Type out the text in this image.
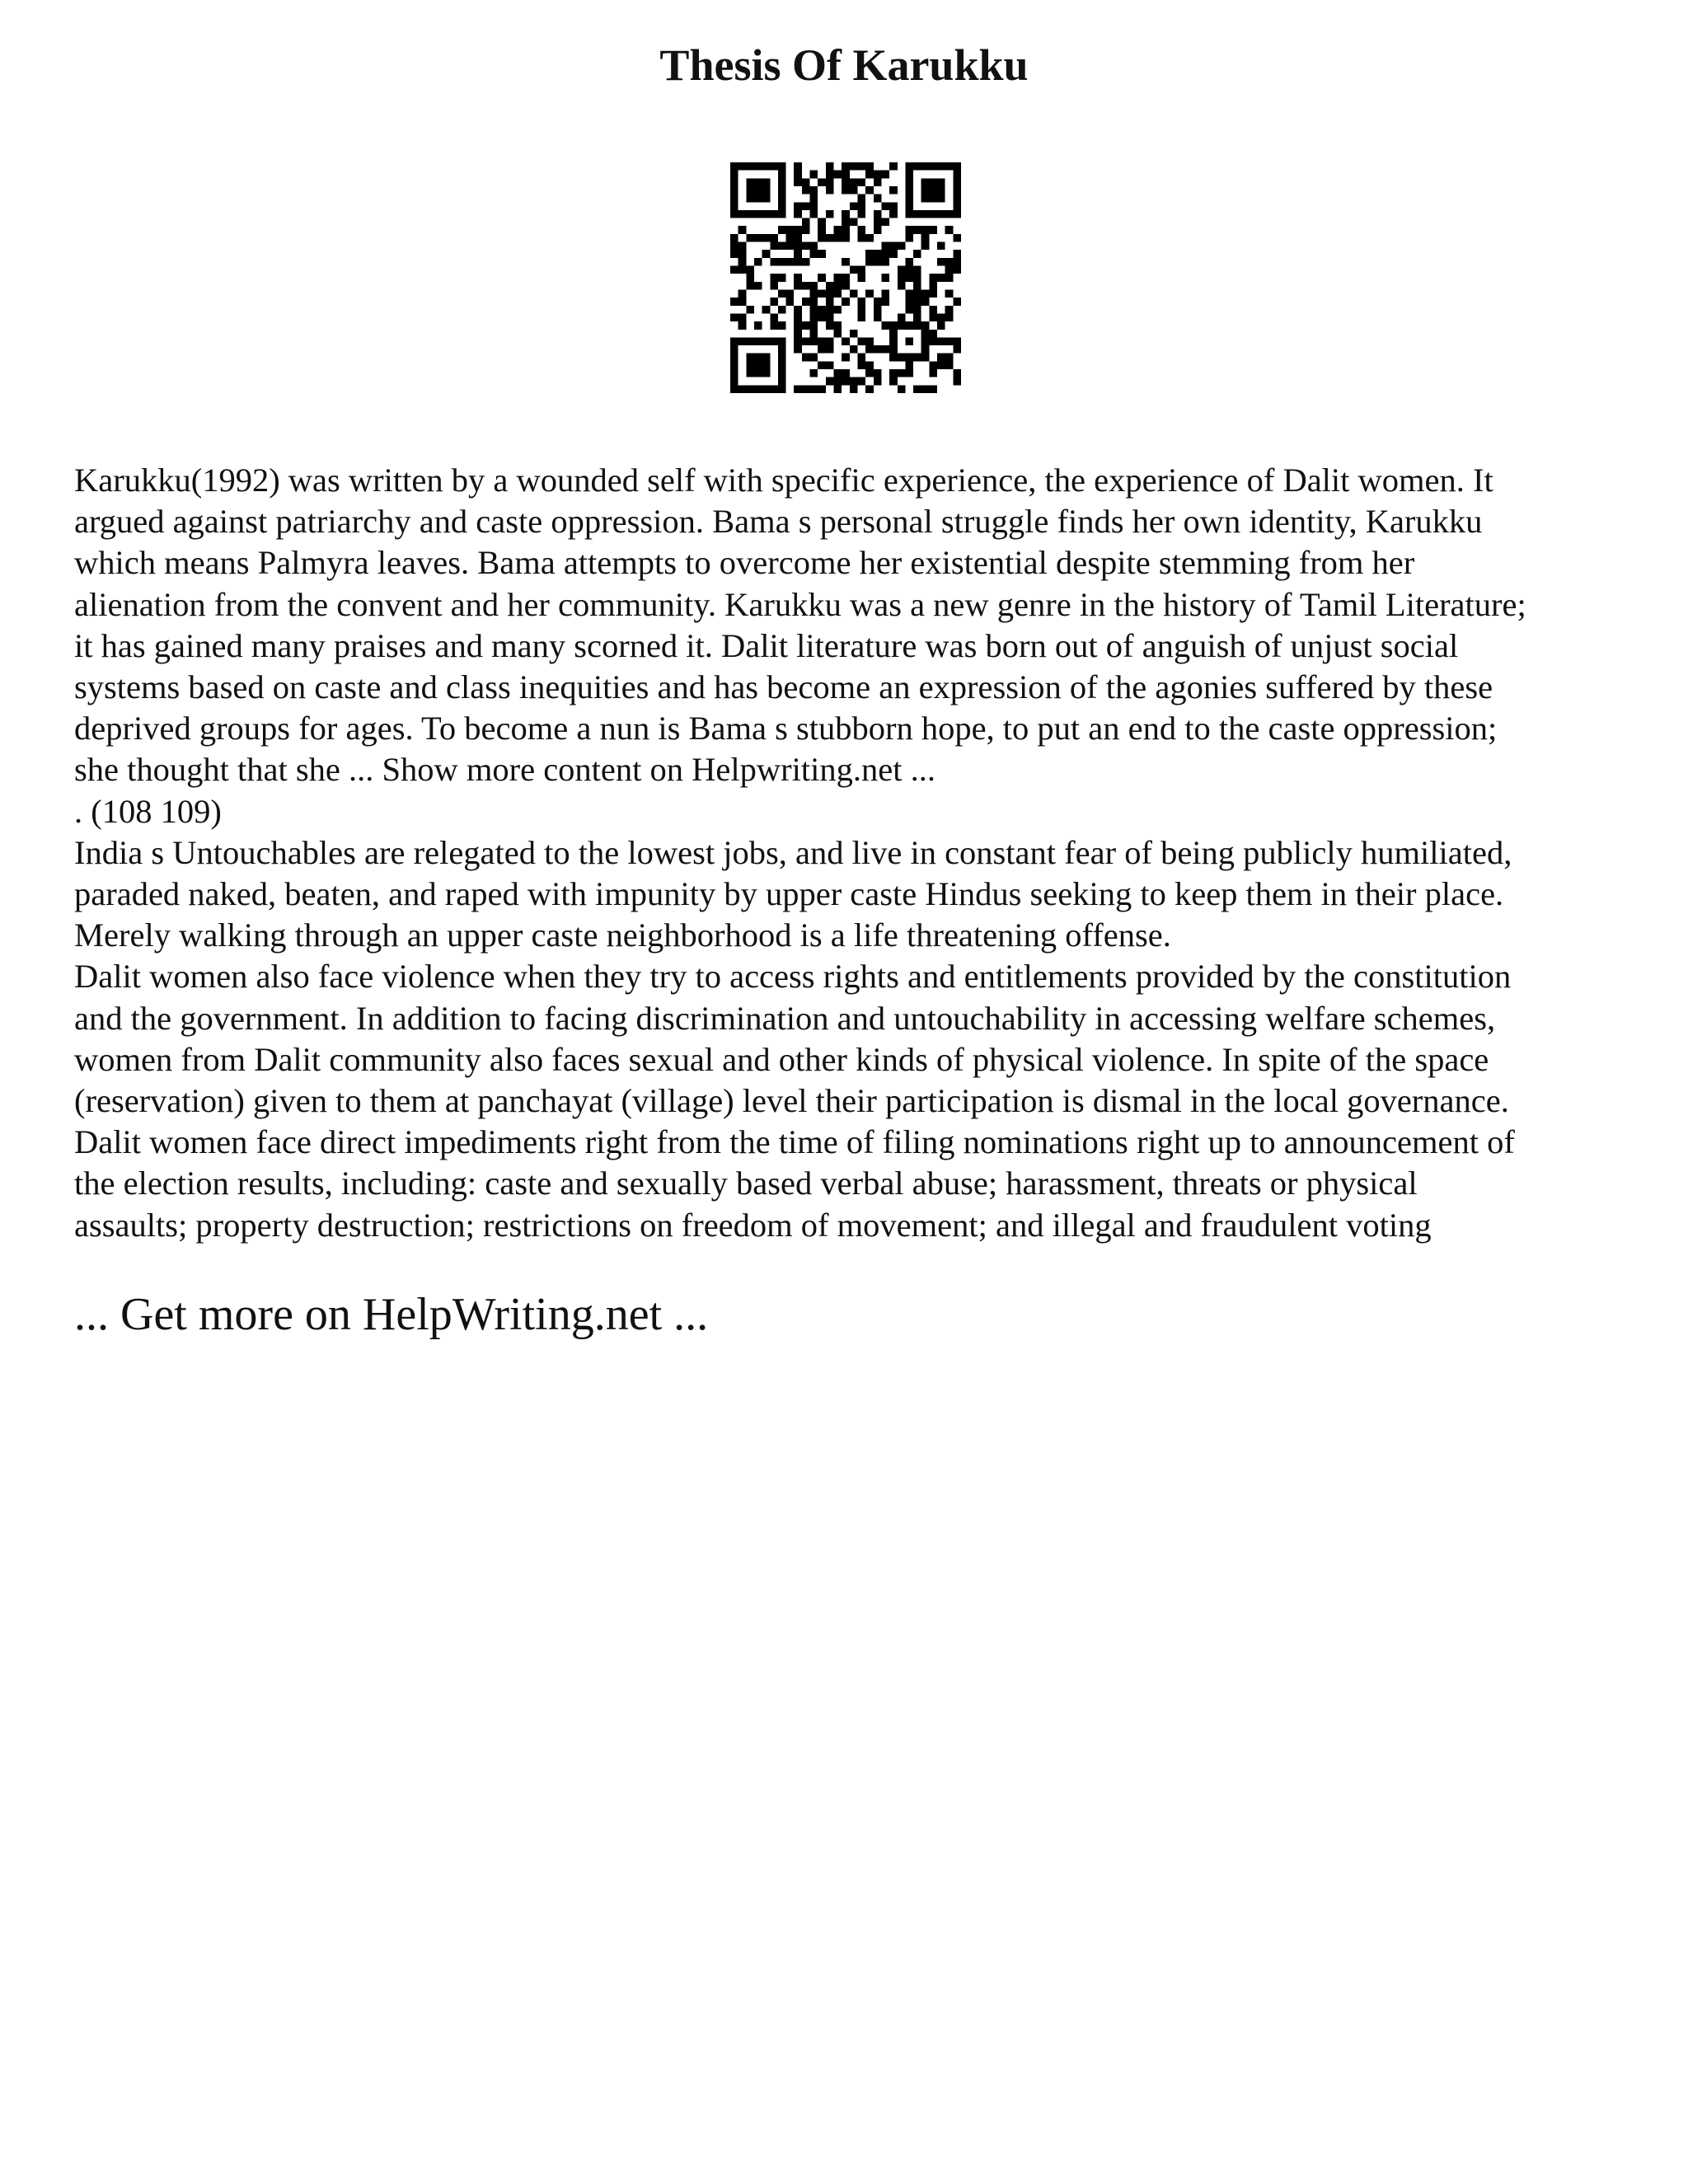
Thesis Of Karukku

Karukku(1992) was written by a wounded self with specific experience, the experience of Dalit women. It
argued against patriarchy and caste oppression. Bama s personal struggle finds her own identity, Karukku
which means Palmyra leaves. Bama attempts to overcome her existential despite stemming from her
alienation from the convent and her community. Karukku was a new genre in the history of Tamil Literature;
it has gained many praises and many scorned it. Dalit literature was born out of anguish of unjust social
systems based on caste and class inequities and has become an expression of the agonies suffered by these
deprived groups for ages. To become a nun is Bama s stubborn hope, to put an end to the caste oppression;
she thought that she ... Show more content on Helpwriting.net ...

. (108 109)

India s Untouchables are relegated to the lowest jobs, and live in constant fear of being publicly humiliated,
paraded naked, beaten, and raped with impunity by upper caste Hindus seeking to keep them in their place.
Merely walking through an upper caste neighborhood is a life threatening offense.

Dalit women also face violence when they try to access rights and entitlements provided by the constitution
and the government. In addition to facing discrimination and untouchability in accessing welfare schemes,
women from Dalit community also faces sexual and other kinds of physical violence. In spite of the space
(reservation) given to them at panchayat (village) level their participation is dismal in the local governance.
Dalit women face direct impediments right from the time of filing nominations right up to announcement of
the election results, including: caste and sexually based verbal abuse; harassment, threats or physical
assaults; property destruction; restrictions on freedom of movement; and illegal and fraudulent voting

... Get more on HelpWriting.net ...
